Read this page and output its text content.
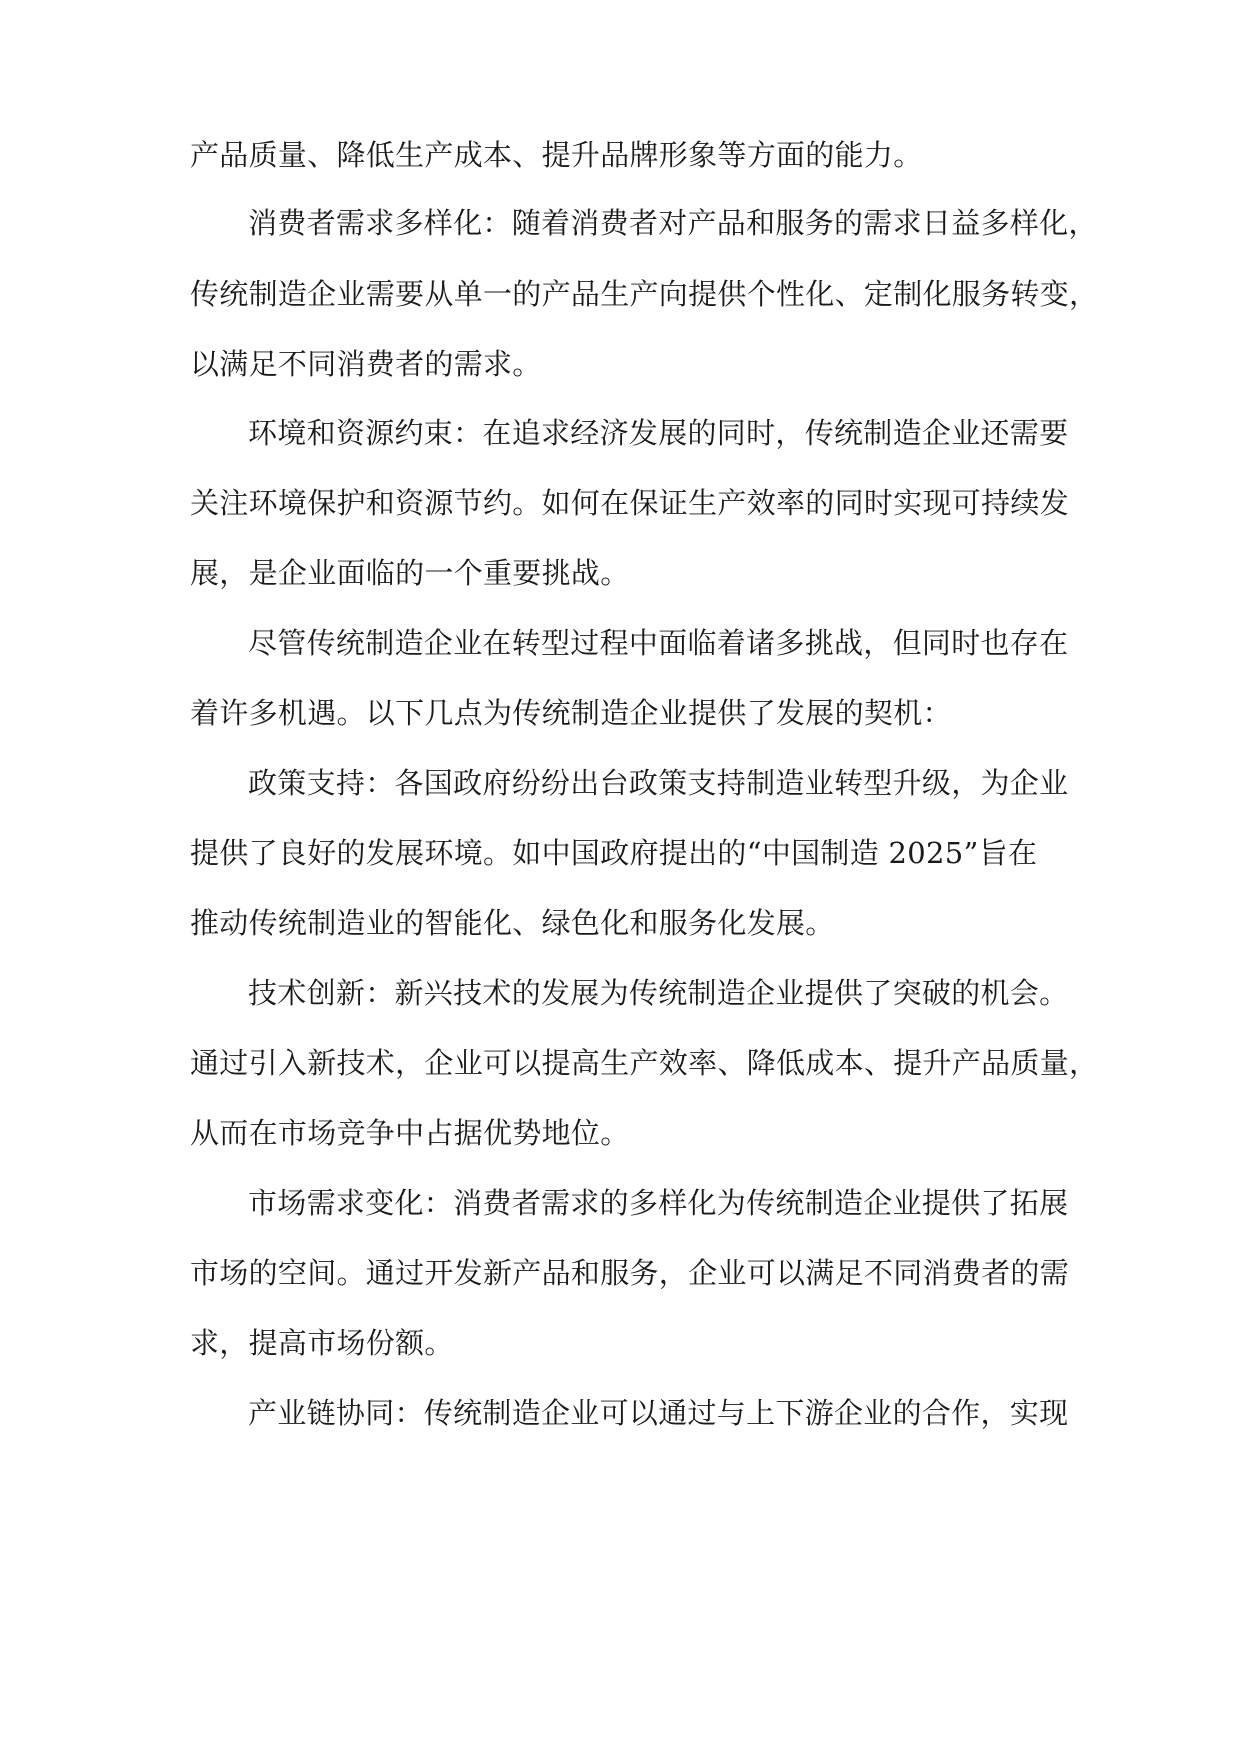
产品质量、降低生产成本、提升品牌形象等方面的能力。
消费者需求多样化：随着消费者对产品和服务的需求日益多样化，
传统制造企业需要从单一的产品生产向提供个性化、定制化服务转变，
以满足不同消费者的需求。
环境和资源约束：在追求经济发展的同时，传统制造企业还需要
关注环境保护和资源节约。如何在保证生产效率的同时实现可持续发
展，是企业面临的一个重要挑战。
尽管传统制造企业在转型过程中面临着诸多挑战，但同时也存在
着许多机遇。以下几点为传统制造企业提供了发展的契机：
政策支持：各国政府纷纷出台政策支持制造业转型升级，为企业
提供了良好的发展环境。如中国政府提出的“中国制造 2025”旨在
推动传统制造业的智能化、绿色化和服务化发展。
技术创新：新兴技术的发展为传统制造企业提供了突破的机会。
通过引入新技术，企业可以提高生产效率、降低成本、提升产品质量，
从而在市场竞争中占据优势地位。
市场需求变化：消费者需求的多样化为传统制造企业提供了拓展
市场的空间。通过开发新产品和服务，企业可以满足不同消费者的需
求，提高市场份额。
产业链协同：传统制造企业可以通过与上下游企业的合作，实现
